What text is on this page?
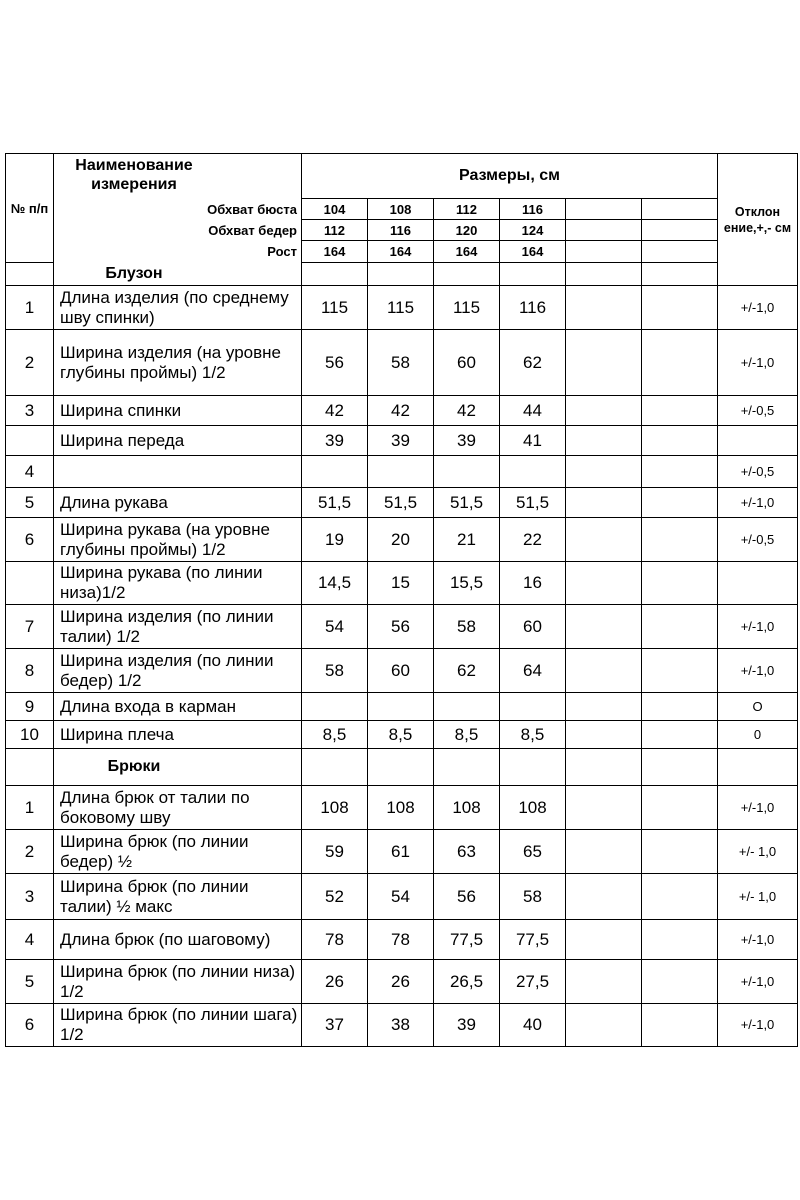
№ п/п	Наименование измерения	Размеры, см						Отклон ение,+,- см
	Обхват бюста	104	108	112	116			
	Обхват бедер	112	116	120	124			
	Рост	164	164	164	164			
	Блузон							
1	Длина изделия (по среднему шву спинки)	115	115	115	116			+/-1,0
2	Ширина изделия (на уровне глубины проймы) 1/2	56	58	60	62			+/-1,0
3	Ширина спинки	42	42	42	44			+/-0,5
	Ширина переда	39	39	39	41			
4								+/-0,5
5	Длина рукава	51,5	51,5	51,5	51,5			+/-1,0
6	Ширина рукава (на уровне глубины проймы) 1/2	19	20	21	22			+/-0,5
	Ширина рукава (по линии низа)1/2	14,5	15	15,5	16			
7	Ширина изделия (по линии талии) 1/2	54	56	58	60			+/-1,0
8	Ширина изделия (по линии бедер) 1/2	58	60	62	64			+/-1,0
9	Длина входа в карман							О
10	Ширина плеча	8,5	8,5	8,5	8,5			0
	Брюки							
1	Длина брюк от талии по боковому шву	108	108	108	108			+/-1,0
2	Ширина брюк (по линии бедер) ½	59	61	63	65			+/- 1,0
3	Ширина брюк (по линии талии) ½ макс	52	54	56	58			+/- 1,0
4	Длина брюк (по шаговому)	78	78	77,5	77,5			+/-1,0
5	Ширина брюк (по линии низа) 1/2	26	26	26,5	27,5			+/-1,0
6	Ширина брюк (по линии шага) 1/2	37	38	39	40			+/-1,0
